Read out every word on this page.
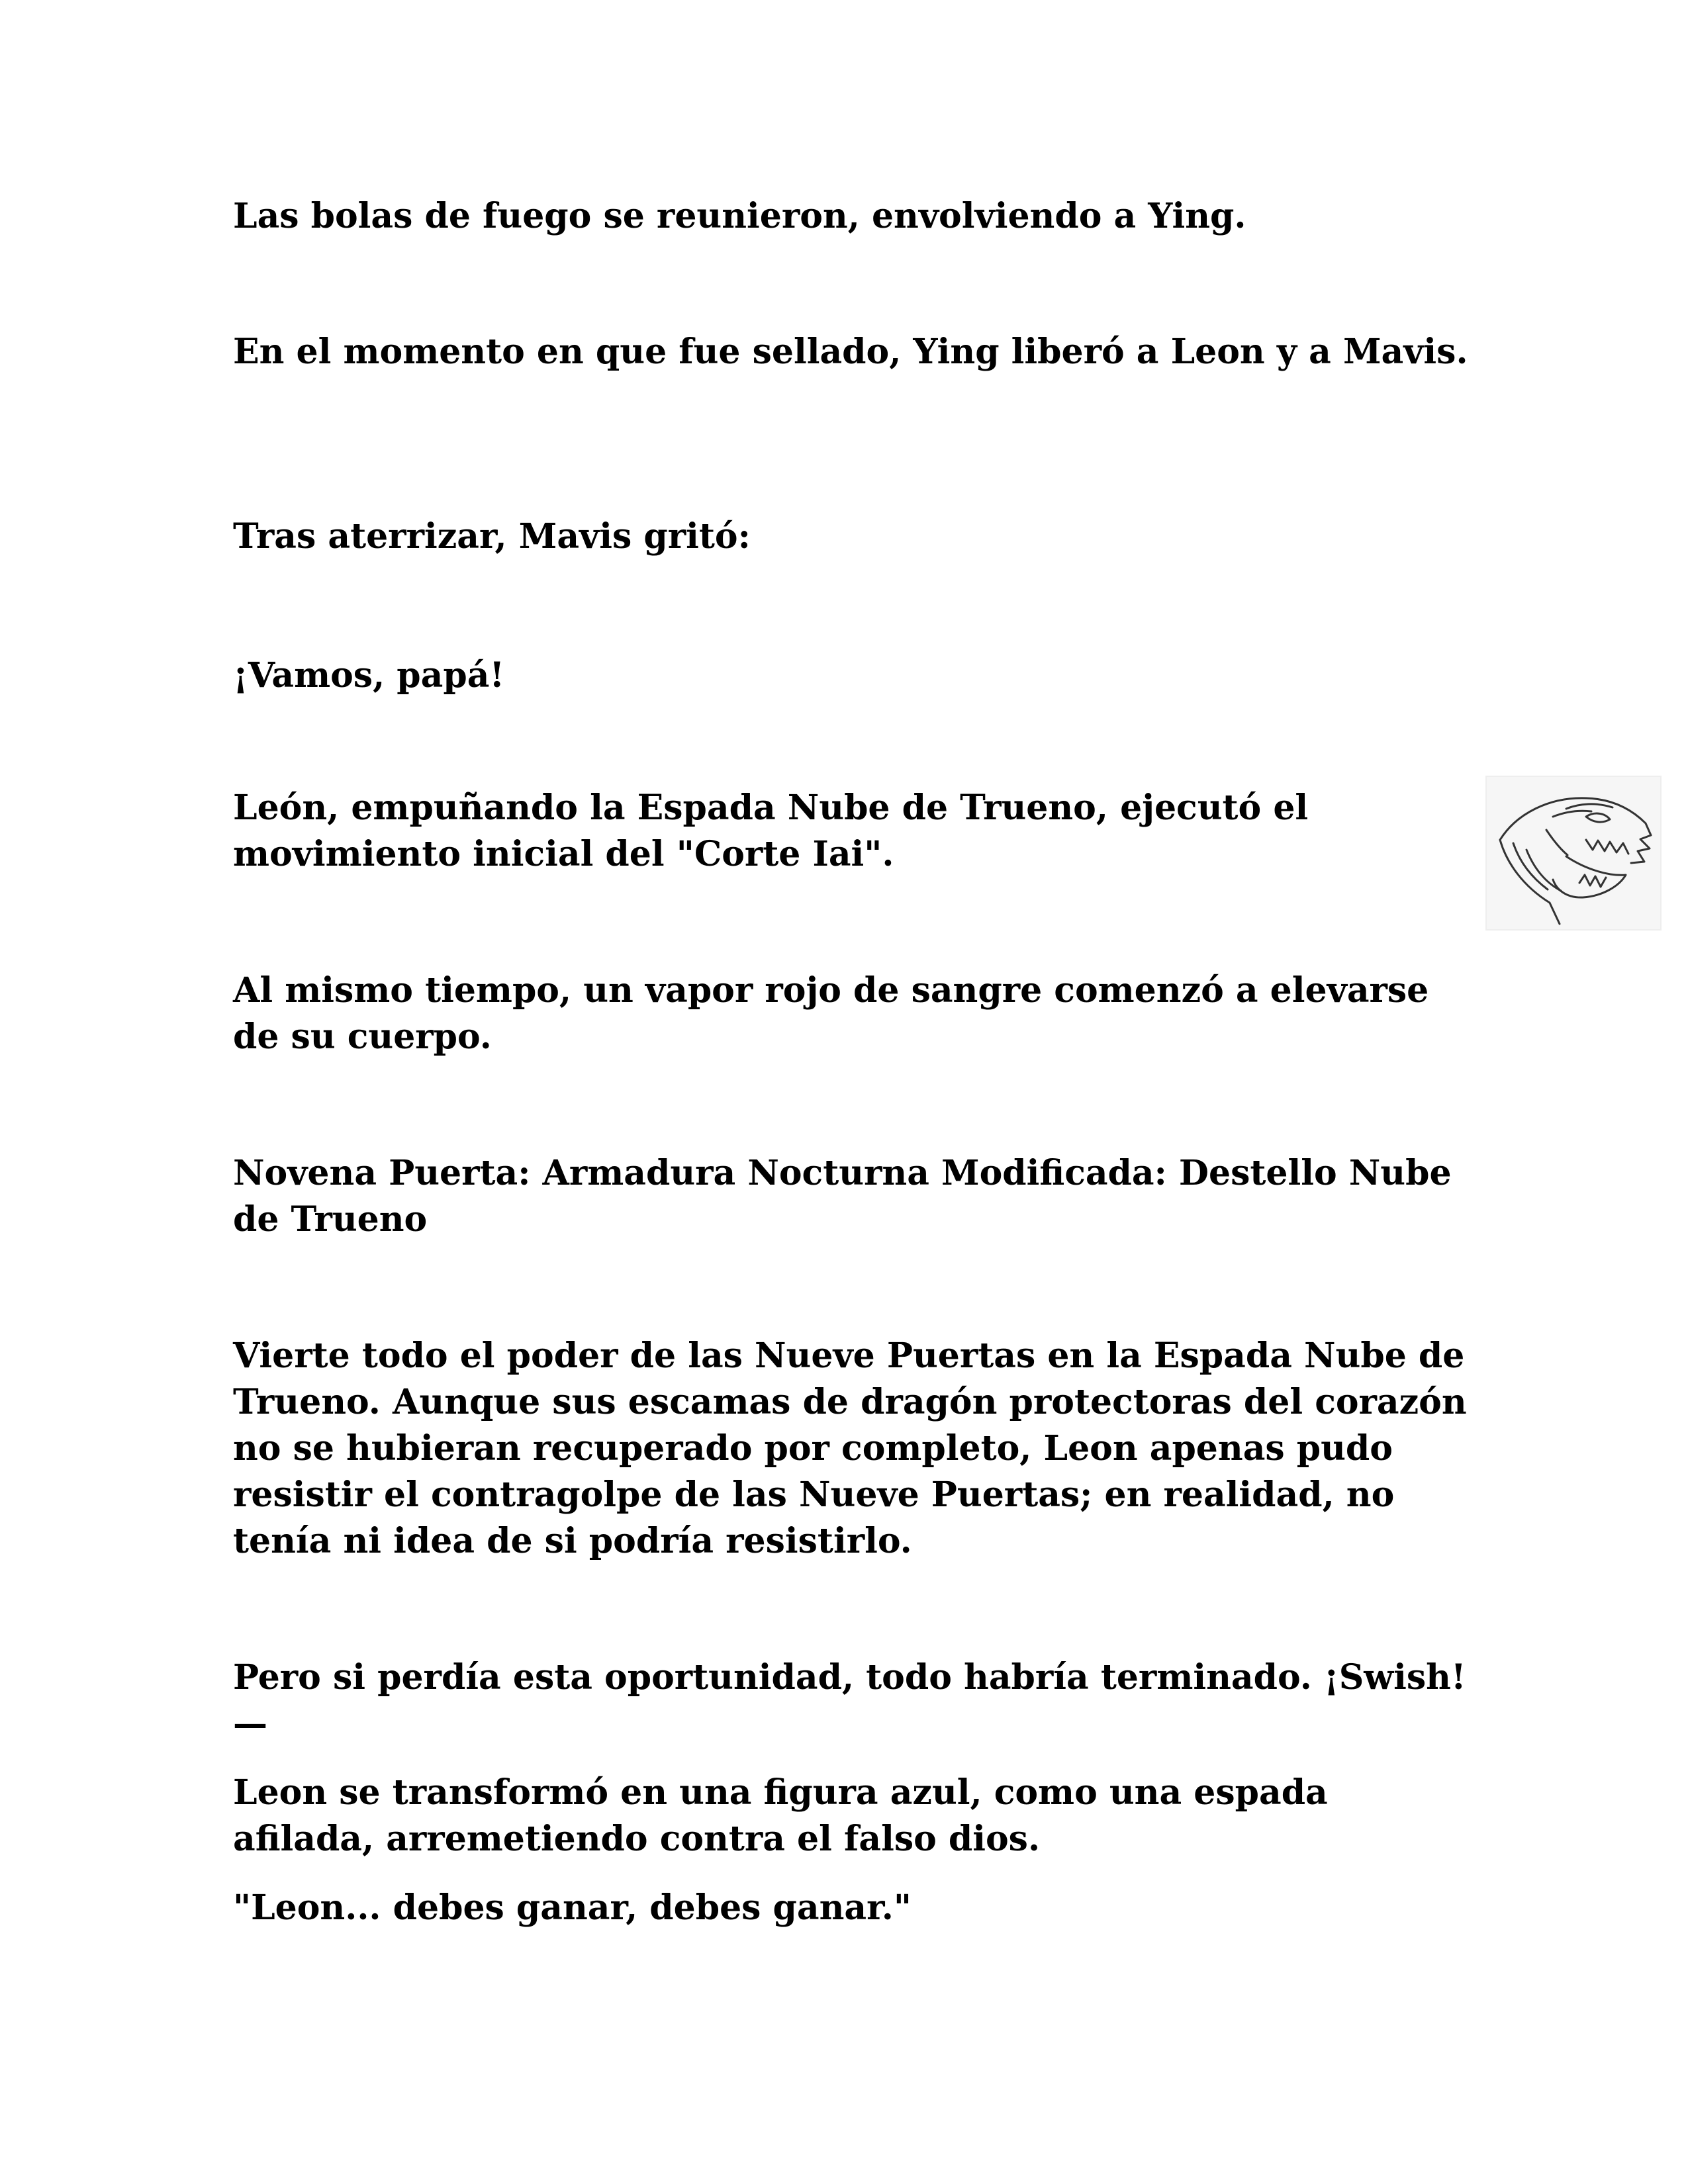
Las bolas de fuego se reunieron, envolviendo a Ying.

En el momento en que fue sellado, Ying liberó a Leon y a Mavis.

Tras aterrizar, Mavis gritó:

¡Vamos, papá!

León, empuñando la Espada Nube de Trueno, ejecutó el movimiento inicial del "Corte Iai".

Al mismo tiempo, un vapor rojo de sangre comenzó a elevarse de su cuerpo.

Novena Puerta: Armadura Nocturna Modificada: Destello Nube de Trueno

Vierte todo el poder de las Nueve Puertas en la Espada Nube de Trueno. Aunque sus escamas de dragón protectoras del corazón no se hubieran recuperado por completo, Leon apenas pudo resistir el contragolpe de las Nueve Puertas; en realidad, no tenía ni idea de si podría resistirlo.

Pero si perdía esta oportunidad, todo habría terminado. ¡Swish! —

Leon se transformó en una figura azul, como una espada afilada, arremetiendo contra el falso dios.

"Leon... debes ganar, debes ganar."
